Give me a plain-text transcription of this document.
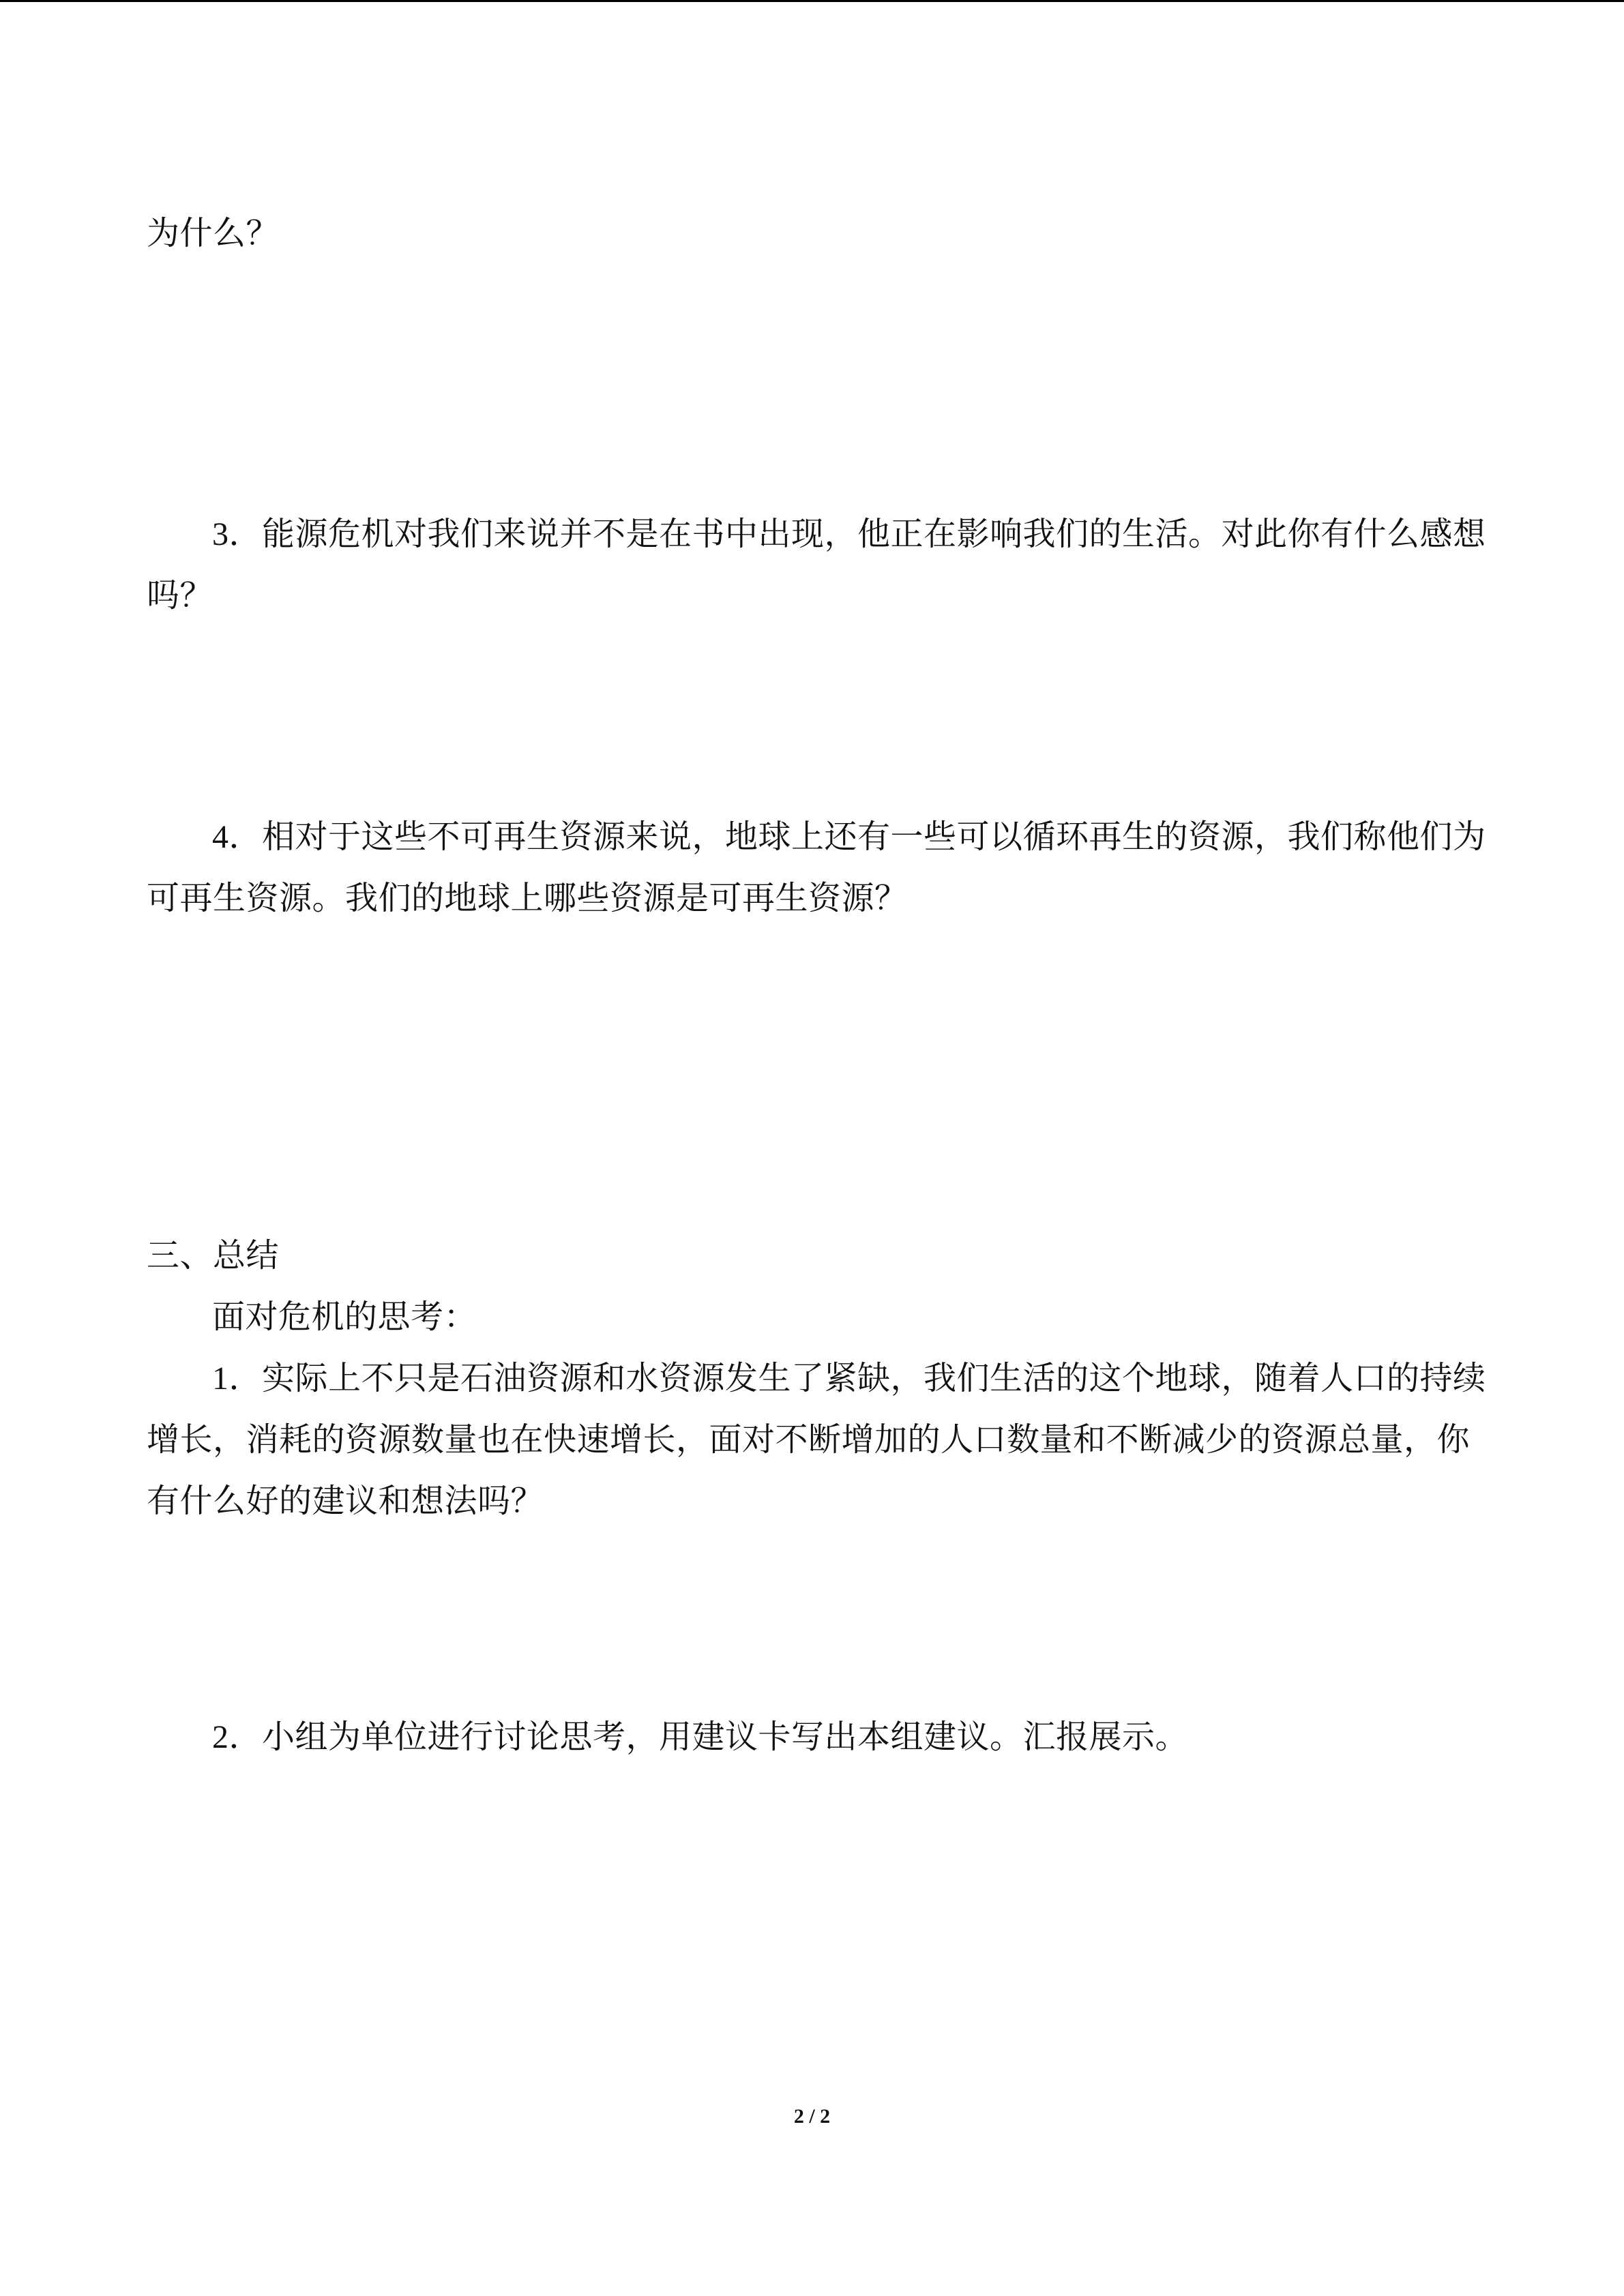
为什么？
3．能源危机对我们来说并不是在书中出现，他正在影响我们的生活。对此你有什么感想
吗？
4．相对于这些不可再生资源来说，地球上还有一些可以循环再生的资源，我们称他们为
可再生资源。我们的地球上哪些资源是可再生资源？
三、总结
面对危机的思考：
1．实际上不只是石油资源和水资源发生了紧缺，我们生活的这个地球，随着人口的持续
增长，消耗的资源数量也在快速增长，面对不断增加的人口数量和不断减少的资源总量，你
有什么好的建议和想法吗？
2．小组为单位进行讨论思考，用建议卡写出本组建议。汇报展示。
2 / 2
